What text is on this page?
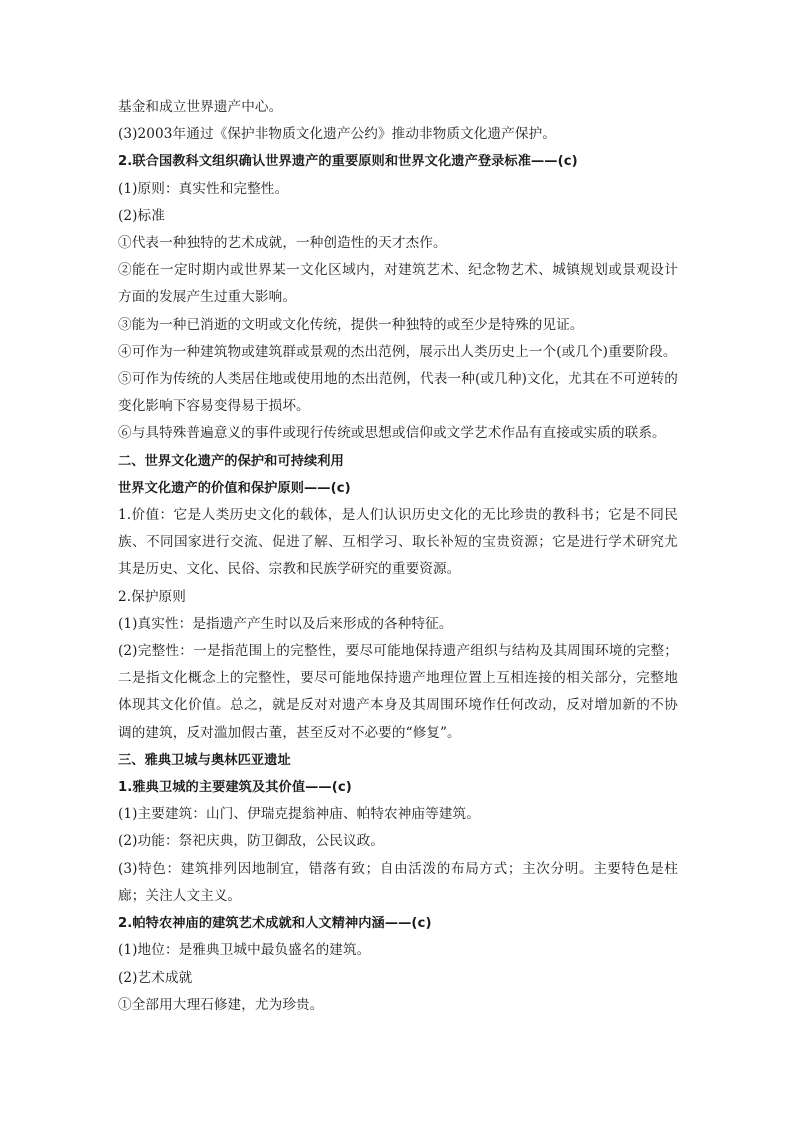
基金和成立世界遗产中心。

(3)2003年通过《保护非物质文化遗产公约》推动非物质文化遗产保护。

2.联合国教科文组织确认世界遗产的重要原则和世界文化遗产登录标准——(c)

(1)原则：真实性和完整性。

(2)标准

①代表一种独特的艺术成就，一种创造性的天才杰作。

②能在一定时期内或世界某一文化区域内，对建筑艺术、纪念物艺术、城镇规划或景观设计方面的发展产生过重大影响。

③能为一种已消逝的文明或文化传统，提供一种独特的或至少是特殊的见证。

④可作为一种建筑物或建筑群或景观的杰出范例，展示出人类历史上一个(或几个)重要阶段。

⑤可作为传统的人类居住地或使用地的杰出范例，代表一种(或几种)文化，尤其在不可逆转的变化影响下容易变得易于损坏。

⑥与具特殊普遍意义的事件或现行传统或思想或信仰或文学艺术作品有直接或实质的联系。

二、世界文化遗产的保护和可持续利用

世界文化遗产的价值和保护原则——(c)

1.价值：它是人类历史文化的载体，是人们认识历史文化的无比珍贵的教科书；它是不同民族、不同国家进行交流、促进了解、互相学习、取长补短的宝贵资源；它是进行学术研究尤其是历史、文化、民俗、宗教和民族学研究的重要资源。

2.保护原则

(1)真实性：是指遗产产生时以及后来形成的各种特征。

(2)完整性：一是指范围上的完整性，要尽可能地保持遗产组织与结构及其周围环境的完整；二是指文化概念上的完整性，要尽可能地保持遗产地理位置上互相连接的相关部分，完整地体现其文化价值。总之，就是反对对遗产本身及其周围环境作任何改动，反对增加新的不协调的建筑，反对滥加假古董，甚至反对不必要的“修复”。

三、雅典卫城与奥林匹亚遗址

1.雅典卫城的主要建筑及其价值——(c)

(1)主要建筑：山门、伊瑞克提翁神庙、帕特农神庙等建筑。

(2)功能：祭祀庆典，防卫御敌，公民议政。

(3)特色：建筑排列因地制宜，错落有致；自由活泼的布局方式；主次分明。主要特色是柱廊；关注人文主义。

2.帕特农神庙的建筑艺术成就和人文精神内涵——(c)

(1)地位：是雅典卫城中最负盛名的建筑。

(2)艺术成就

①全部用大理石修建，尤为珍贵。
